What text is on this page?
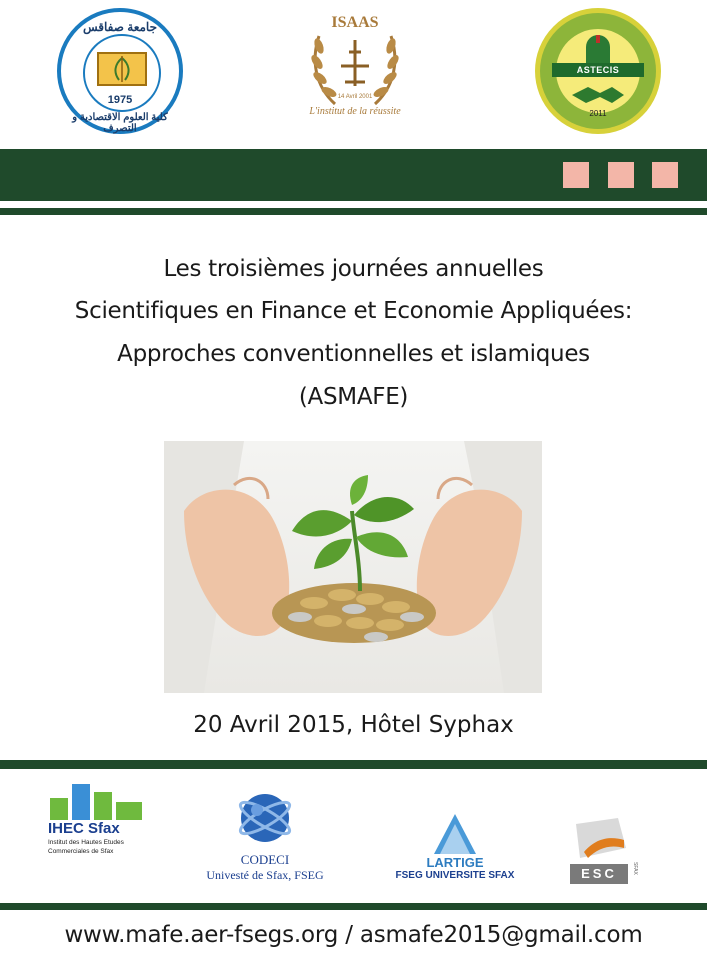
جامعة صفاقس
1975
كلية العلوم الاقتصادية و التصرف
ISAAS
14 Avril 2001
L'institut de la réussite
ASTECIS
2011
Les troisièmes journées annuelles
Scientifiques en Finance et Economie Appliquées:
Approches conventionnelles et islamiques
(ASMAFE)
20 Avril 2015, Hôtel Syphax
IHEC Sfax
Institut des Hautes Etudes Commerciales de Sfax
CODECI
Univesté de Sfax, FSEG
LARTIGE
FSEG UNIVERSITE SFAX	ESC	SFAX
www.mafe.aer-fsegs.org / asmafe2015@gmail.com
